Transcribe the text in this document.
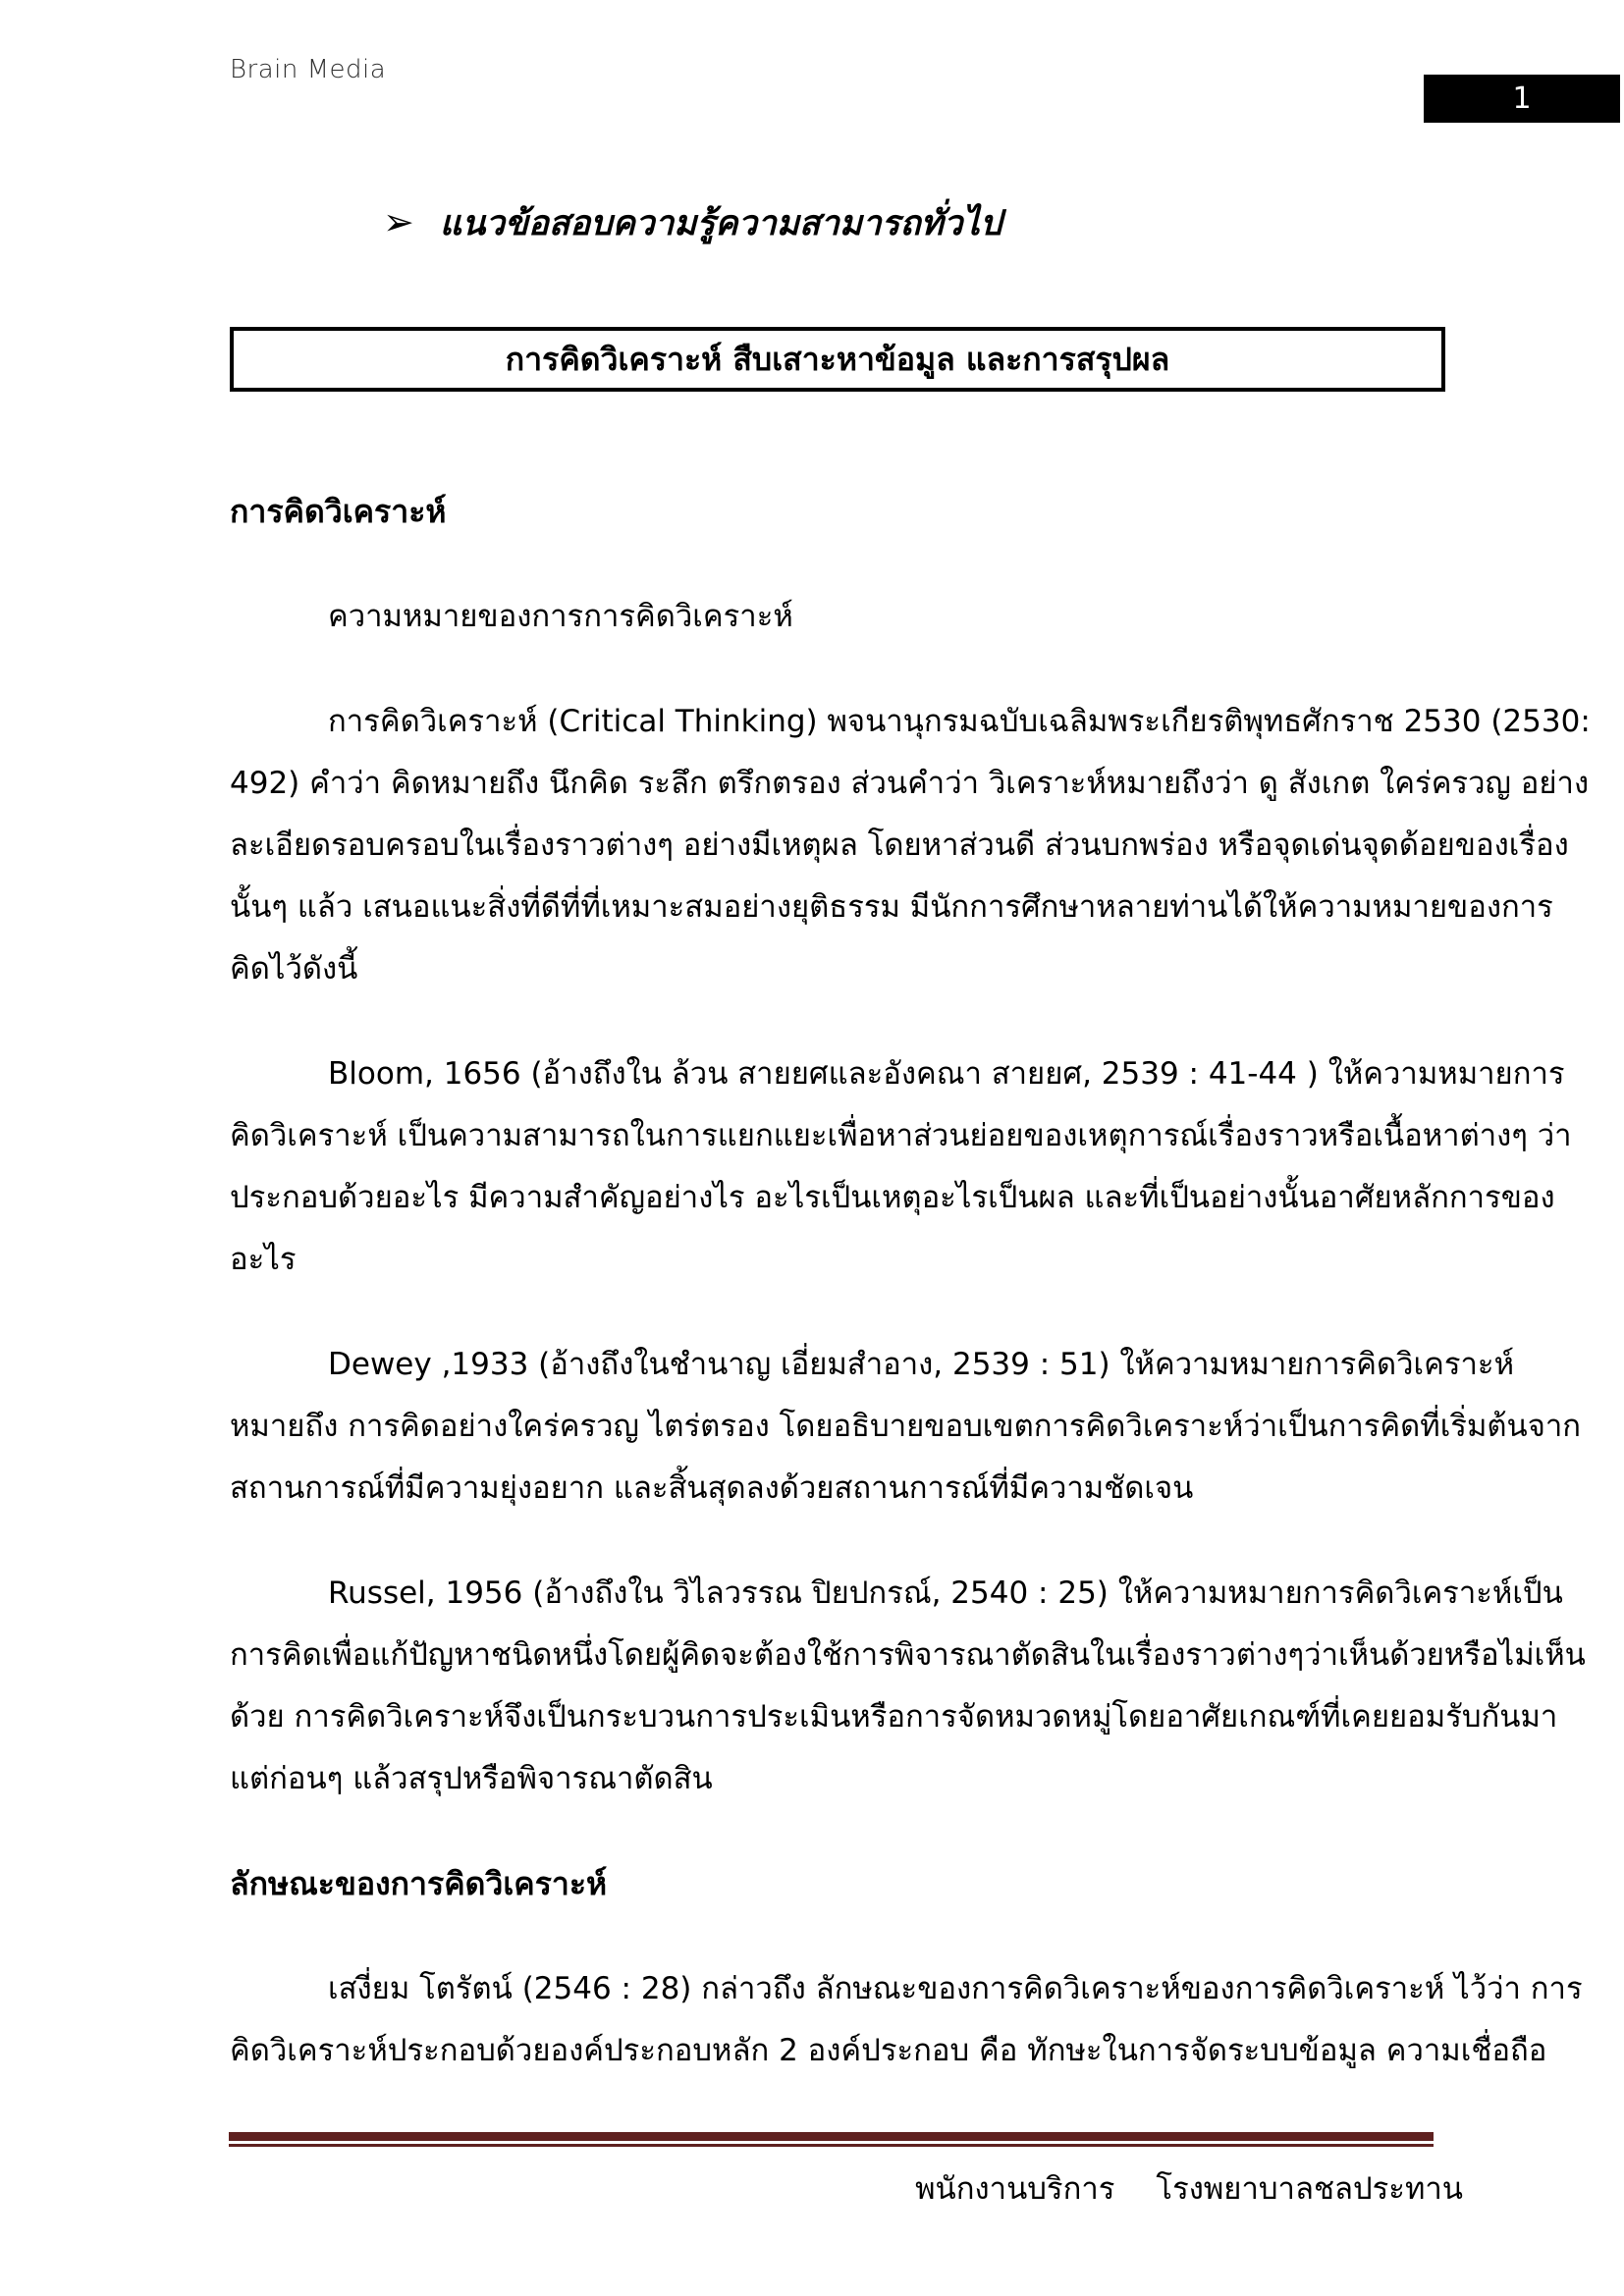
Brain Media
1
➢ แนวข้อสอบความรู้ความสามารถทั่วไป
การคิดวิเคราะห์ สืบเสาะหาข้อมูล และการสรุปผล
การคิดวิเคราะห์
ความหมายของการการคิดวิเคราะห์
การคิดวิเคราะห์ (Critical Thinking) พจนานุกรมฉบับเฉลิมพระเกียรติพุทธศักราช 2530 (2530:
492) คำว่า คิดหมายถึง นึกคิด ระลึก ตรึกตรอง ส่วนคำว่า วิเคราะห์หมายถึงว่า ดู สังเกต ใคร่ครวญ อย่าง
ละเอียดรอบครอบในเรื่องราวต่างๆ อย่างมีเหตุผล โดยหาส่วนดี ส่วนบกพร่อง หรือจุดเด่นจุดด้อยของเรื่อง
นั้นๆ แล้ว เสนอแนะสิ่งที่ดีที่ที่เหมาะสมอย่างยุติธรรม มีนักการศึกษาหลายท่านได้ให้ความหมายของการ
คิดไว้ดังนี้
Bloom, 1656 (อ้างถึงใน ล้วน สายยศและอังคณา สายยศ, 2539 : 41-44 ) ให้ความหมายการ
คิดวิเคราะห์ เป็นความสามารถในการแยกแยะเพื่อหาส่วนย่อยของเหตุการณ์เรื่องราวหรือเนื้อหาต่างๆ ว่า
ประกอบด้วยอะไร มีความสำคัญอย่างไร อะไรเป็นเหตุอะไรเป็นผล และที่เป็นอย่างนั้นอาศัยหลักการของ
อะไร
Dewey ,1933 (อ้างถึงในชำนาญ เอี่ยมสำอาง, 2539 : 51) ให้ความหมายการคิดวิเคราะห์
หมายถึง การคิดอย่างใคร่ครวญ ไตร่ตรอง โดยอธิบายขอบเขตการคิดวิเคราะห์ว่าเป็นการคิดที่เริ่มต้นจาก
สถานการณ์ที่มีความยุ่งอยาก และสิ้นสุดลงด้วยสถานการณ์ที่มีความชัดเจน
Russel, 1956 (อ้างถึงใน วิไลวรรณ ปิยปกรณ์, 2540 : 25) ให้ความหมายการคิดวิเคราะห์เป็น
การคิดเพื่อแก้ปัญหาชนิดหนึ่งโดยผู้คิดจะต้องใช้การพิจารณาตัดสินในเรื่องราวต่างๆว่าเห็นด้วยหรือไม่เห็น
ด้วย การคิดวิเคราะห์จึงเป็นกระบวนการประเมินหรือการจัดหมวดหมู่โดยอาศัยเกณฑ์ที่เคยยอมรับกันมา
แต่ก่อนๆ แล้วสรุปหรือพิจารณาตัดสิน
ลักษณะของการคิดวิเคราะห์
เสงี่ยม โตรัตน์ (2546 : 28) กล่าวถึง ลักษณะของการคิดวิเคราะห์ของการคิดวิเคราะห์ ไว้ว่า การ
คิดวิเคราะห์ประกอบด้วยองค์ประกอบหลัก 2 องค์ประกอบ คือ ทักษะในการจัดระบบข้อมูล ความเชื่อถือ
พนักงานบริการ โรงพยาบาลชลประทาน
